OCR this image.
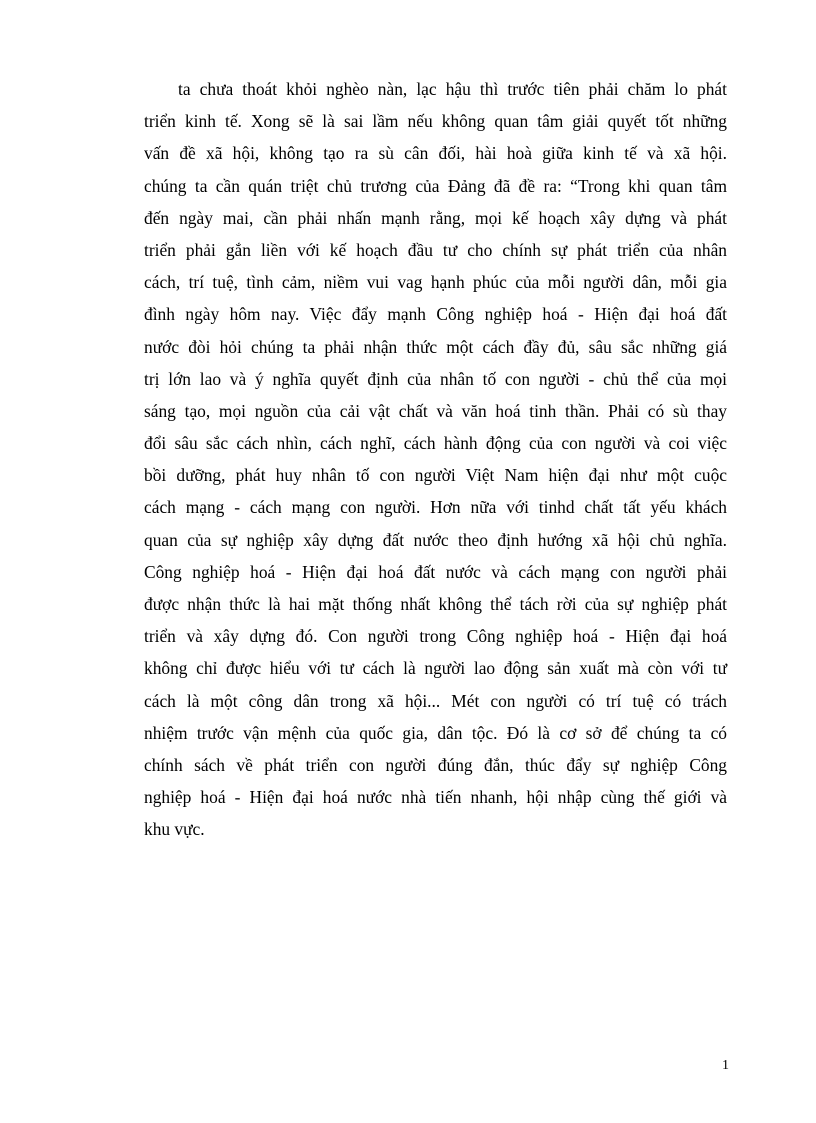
ta chưa thoát khỏi nghèo nàn, lạc hậu thì trước tiên phải chăm lo phát
triển kinh tế. Xong sẽ là sai lầm nếu không quan tâm giải quyết tốt những
vấn đề xã hội, không tạo ra sù cân đối, hài hoà giữa kinh tế và xã hội.
chúng ta cần quán triệt chủ trương của Đảng đã đề ra: “Trong khi quan tâm
đến ngày mai, cần phải nhấn mạnh rằng, mọi kế hoạch xây dựng và phát
triển phải gắn liền với kế hoạch đầu tư cho chính sự phát triển của nhân
cách, trí tuệ, tình cảm, niềm vui vag hạnh phúc của mỗi người dân, mỗi gia
đình ngày hôm nay. Việc đẩy mạnh Công nghiệp hoá - Hiện đại hoá đất
nước đòi hỏi chúng ta phải nhận thức một cách đầy đủ, sâu sắc những giá
trị lớn lao và ý nghĩa quyết định của nhân tố con người - chủ thể của mọi
sáng tạo, mọi nguồn của cải vật chất và văn hoá tinh thần. Phải có sù thay
đổi sâu sắc cách nhìn, cách nghĩ, cách hành động của con người và coi việc
bồi dưỡng, phát huy nhân tố con người Việt Nam hiện đại như một cuộc
cách mạng - cách mạng con người. Hơn nữa với tinhd chất tất yếu khách
quan của sự nghiệp xây dựng đất nước theo định hướng xã hội chủ nghĩa.
Công nghiệp hoá - Hiện đại hoá đất nước và cách mạng con người phải
được nhận thức là hai mặt thống nhất không thể tách rời của sự nghiệp phát
triển và xây dựng đó. Con người trong Công nghiệp hoá - Hiện đại hoá
không chỉ được hiểu với tư cách là người lao động sản xuất mà còn với tư
cách là một công dân trong xã hội... Mét con người có trí tuệ có trách
nhiệm trước vận mệnh của quốc gia, dân tộc. Đó là cơ sở để chúng ta có
chính sách về phát triển con người đúng đắn, thúc đẩy sự nghiệp Công
nghiệp hoá - Hiện đại hoá nước nhà tiến nhanh, hội nhập cùng thế giới và
khu vực.
1
